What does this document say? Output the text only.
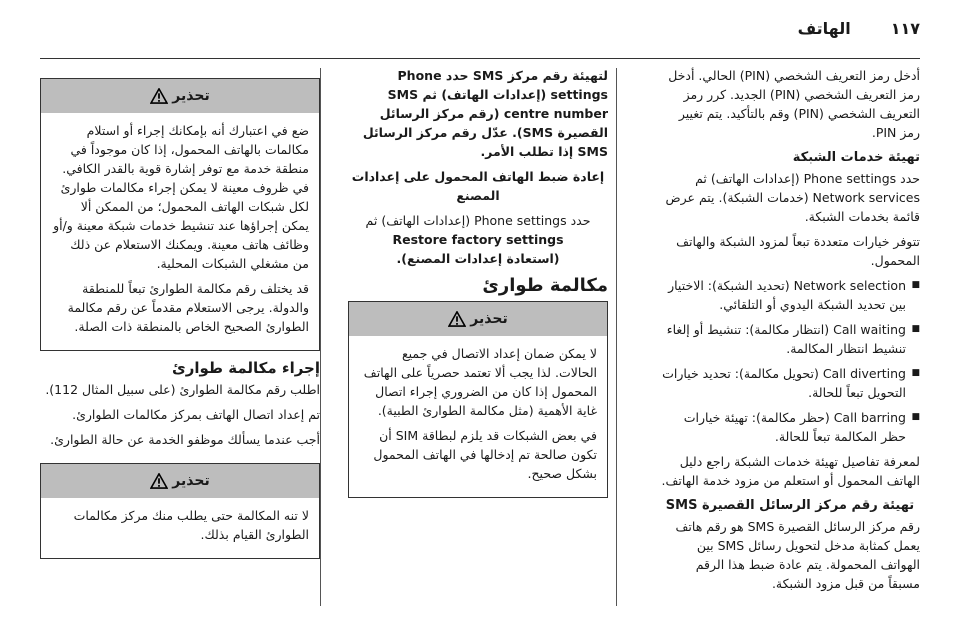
١١٧
الهاتف

أدخل رمز التعريف الشخصي (PIN) الحالي. أدخل رمز التعريف الشخصي (PIN) الجديد. كرر رمز التعريف الشخصي (PIN) وقم بالتأكيد. يتم تغيير رمز PIN.

تهيئة خدمات الشبكة

حدد Phone settings (إعدادات الهاتف) ثم Network services (خدمات الشبكة). يتم عرض قائمة بخدمات الشبكة.

تتوفر خيارات متعددة تبعاً لمزود الشبكة والهاتف المحمول.

■ Network selection (تحديد الشبكة): الاختيار بين تحديد الشبكة اليدوي أو التلقائي.
■ Call waiting (انتظار مكالمة): تنشيط أو إلغاء تنشيط انتظار المكالمة.
■ Call diverting (تحويل مكالمة): تحديد خيارات التحويل تبعاً للحالة.
■ Call barring (حظر مكالمة): تهيئة خيارات حظر المكالمة تبعاً للحالة.

لمعرفة تفاصيل تهيئة خدمات الشبكة راجع دليل الهاتف المحمول أو استعلم من مزود خدمة الهاتف.

تهيئة رقم مركز الرسائل القصيرة SMS

رقم مركز الرسائل القصيرة SMS هو رقم هاتف يعمل كمثابة مدخل لتحويل رسائل SMS بين الهواتف المحمولة. يتم عادة ضبط هذا الرقم مسبقاً من قبل مزود الشبكة.

لتهيئة رقم مركز SMS حدد Phone settings (إعدادات الهاتف) ثم SMS centre number (رقم مركز الرسائل القصيرة SMS). عدّل رقم مركز الرسائل SMS إذا تطلب الأمر.

إعادة ضبط الهاتف المحمول على إعدادات المصنع

حدد Phone settings (إعدادات الهاتف) ثم
Restore factory settings
(استعادة إعدادات المصنع).

مكالمة طوارئ
تحذير

لا يمكن ضمان إعداد الاتصال في جميع الحالات. لذا يجب ألا تعتمد حصرياً على الهاتف المحمول إذا كان من الضروري إجراء اتصال غاية الأهمية (مثل مكالمة الطوارئ الطبية).

في بعض الشبكات قد يلزم لبطاقة SIM أن تكون صالحة تم إدخالها في الهاتف المحمول بشكل صحيح.

تحذير

ضع في اعتبارك أنه بإمكانك إجراء أو استلام مكالمات بالهاتف المحمول، إذا كان موجوداً في منطقة خدمة مع توفر إشارة قوية بالقدر الكافي. في ظروف معينة لا يمكن إجراء مكالمات طوارئ لكل شبكات الهاتف المحمول؛ من الممكن ألا يمكن إجراؤها عند تنشيط خدمات شبكة معينة و/أو وظائف هاتف معينة. ويمكنك الاستعلام عن ذلك من مشغلي الشبكات المحلية.

قد يختلف رقم مكالمة الطوارئ تبعاً للمنطقة والدولة. يرجى الاستعلام مقدماً عن رقم مكالمة الطوارئ الصحيح الخاص بالمنطقة ذات الصلة.

إجراء مكالمة طوارئ

اطلب رقم مكالمة الطوارئ (على سبيل المثال 112).

تم إعداد اتصال الهاتف بمركز مكالمات الطوارئ.

أجب عندما يسألك موظفو الخدمة عن حالة الطوارئ.

تحذير

لا تنه المكالمة حتى يطلب منك مركز مكالمات الطوارئ القيام بذلك.
